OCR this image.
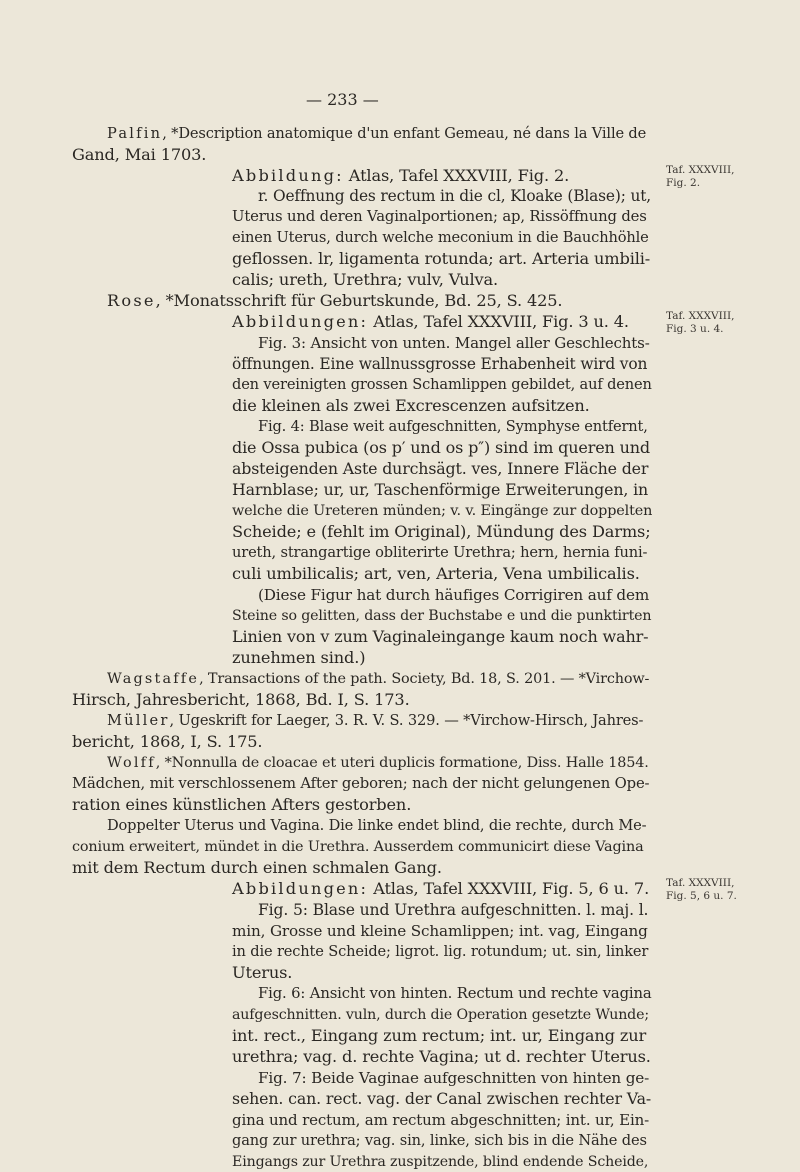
— 233 —
Palfin, *Description anatomique d'un enfant Gemeau, né dans la Ville de
Gand, Mai 1703.
Abbildung: Atlas, Tafel XXXVIII, Fig. 2.
r. Oeffnung des rectum in die cl, Kloake (Blase); ut,
Uterus und deren Vaginalportionen; ap, Rissöffnung des
einen Uterus, durch welche meconium in die Bauchhöhle
geflossen. lr, ligamenta rotunda; art. Arteria umbili-
calis; ureth, Urethra; vulv, Vulva.
Taf. XXXVIII,
Fig. 2.
Rose, *Monatsschrift für Geburtskunde, Bd. 25, S. 425.
Abbildungen: Atlas, Tafel XXXVIII, Fig. 3 u. 4.
Fig. 3: Ansicht von unten. Mangel aller Geschlechts-
öffnungen. Eine wallnussgrosse Erhabenheit wird von
den vereinigten grossen Schamlippen gebildet, auf denen
die kleinen als zwei Excrescenzen aufsitzen.
Fig. 4: Blase weit aufgeschnitten, Symphyse entfernt,
die Ossa pubica (os p′ und os p″) sind im queren und
absteigenden Aste durchsägt. ves, Innere Fläche der
Harnblase; ur, ur, Taschenförmige Erweiterungen, in
welche die Ureteren münden; v. v. Eingänge zur doppelten
Scheide; e (fehlt im Original), Mündung des Darms;
ureth, strangartige obliterirte Urethra; hern, hernia funi-
culi umbilicalis; art, ven, Arteria, Vena umbilicalis.
(Diese Figur hat durch häufiges Corrigiren auf dem
Steine so gelitten, dass der Buchstabe e und die punktirten
Linien von v zum Vaginaleingange kaum noch wahr-
zunehmen sind.)
Taf. XXXVIII,
Fig. 3 u. 4.
Wagstaffe, Transactions of the path. Society, Bd. 18, S. 201. — *Virchow-
Hirsch, Jahresbericht, 1868, Bd. I, S. 173.
Müller, Ugeskrift for Laeger, 3. R. V. S. 329. — *Virchow-Hirsch, Jahres-
bericht, 1868, I, S. 175.
Wolff, *Nonnulla de cloacae et uteri duplicis formatione, Diss. Halle 1854.
Mädchen, mit verschlossenem After geboren; nach der nicht gelungenen Ope-
ration eines künstlichen Afters gestorben.
Doppelter Uterus und Vagina. Die linke endet blind, die rechte, durch Me-
conium erweitert, mündet in die Urethra. Ausserdem communicirt diese Vagina
mit dem Rectum durch einen schmalen Gang.
Abbildungen: Atlas, Tafel XXXVIII, Fig. 5, 6 u. 7.
Fig. 5: Blase und Urethra aufgeschnitten. l. maj. l.
min, Grosse und kleine Schamlippen; int. vag, Eingang
in die rechte Scheide; ligrot. lig. rotundum; ut. sin, linker
Uterus.
Fig. 6: Ansicht von hinten. Rectum und rechte vagina
aufgeschnitten. vuln, durch die Operation gesetzte Wunde;
int. rect., Eingang zum rectum; int. ur, Eingang zur
urethra; vag. d. rechte Vagina; ut d. rechter Uterus.
Fig. 7: Beide Vaginae aufgeschnitten von hinten ge-
sehen. can. rect. vag. der Canal zwischen rechter Va-
gina und rectum, am rectum abgeschnitten; int. ur, Ein-
gang zur urethra; vag. sin, linke, sich bis in die Nähe des
Eingangs zur Urethra zuspitzende, blind endende Scheide,
Taf. XXXVIII,
Fig. 5, 6 u. 7.
